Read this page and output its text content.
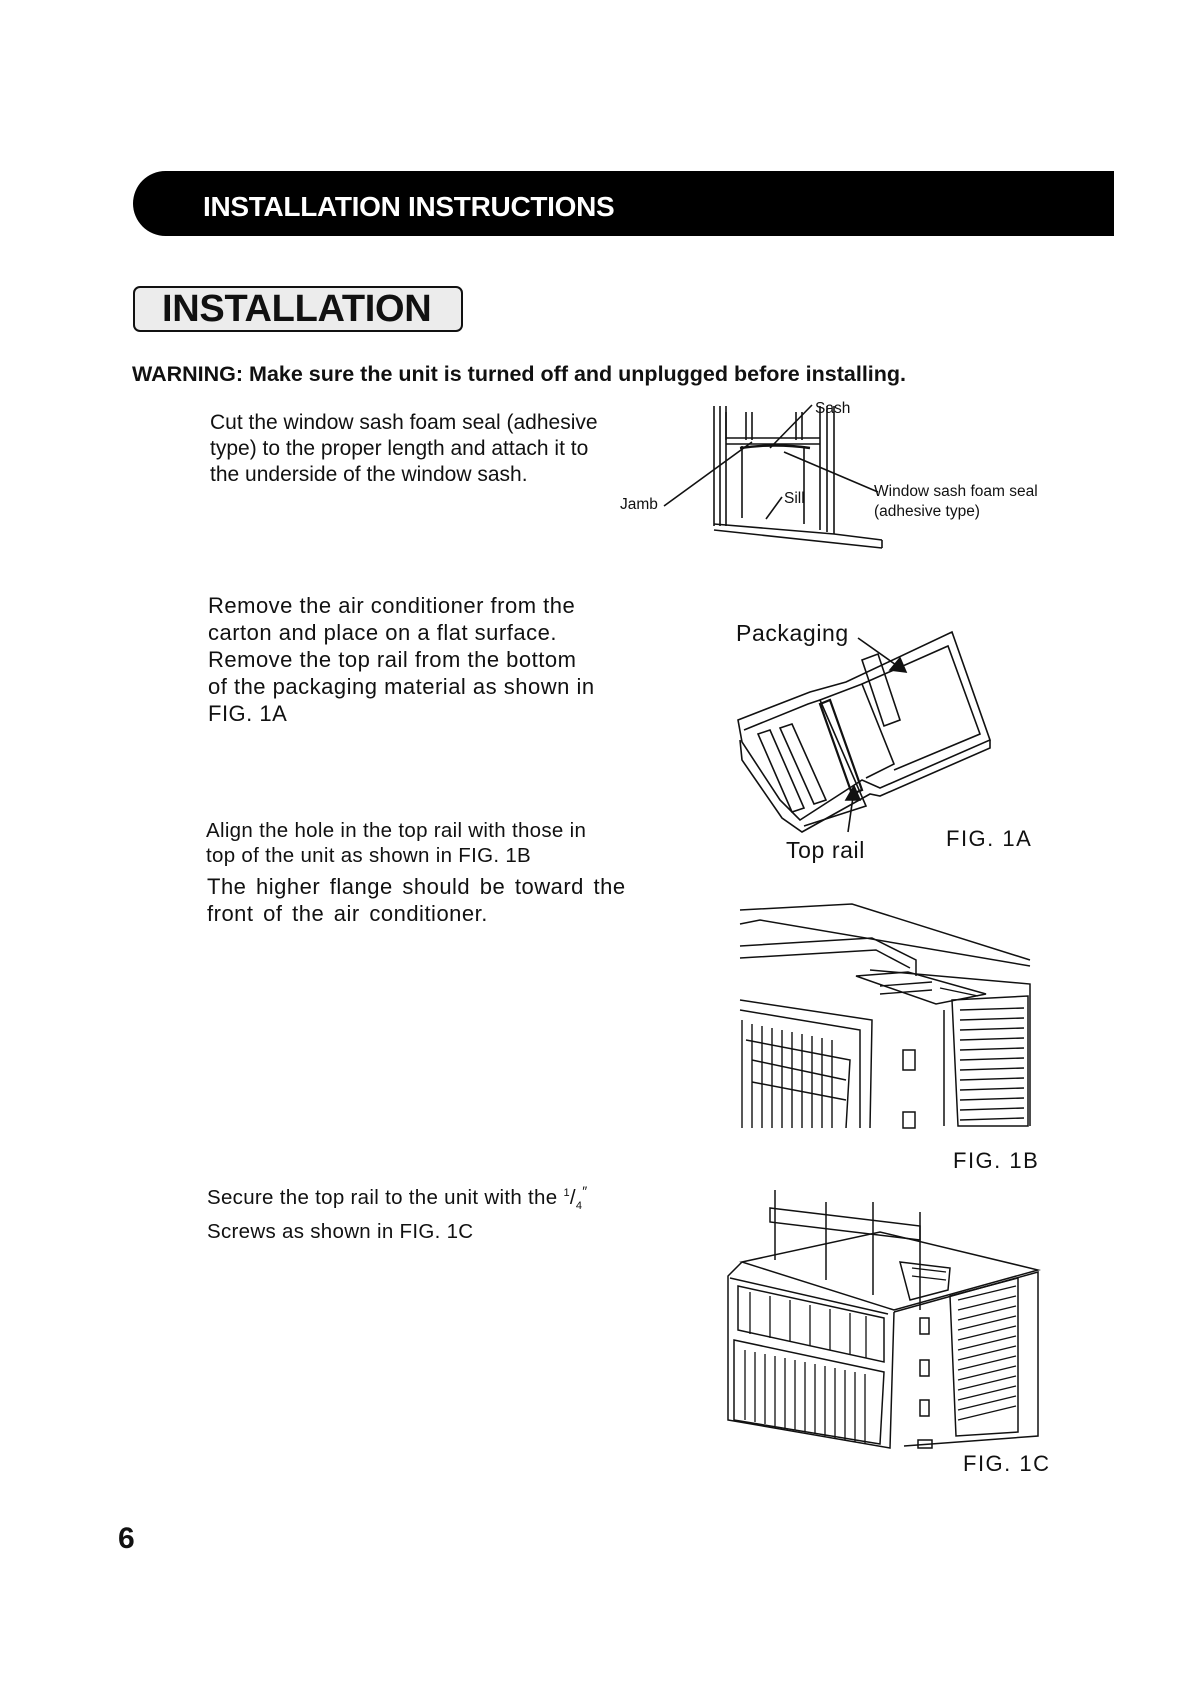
INSTALLATION INSTRUCTIONS
INSTALLATION
WARNING: Make sure the unit is turned off and unplugged before installing.
Cut the window sash foam seal (adhesive
type) to the proper length and attach it to
the underside of the window sash.
Sash
Jamb	Sill	Window sash foam seal
(adhesive type)
Remove the air conditioner from the
carton and place on a flat surface.
Remove the top rail from the bottom
of the packaging material as shown in
FIG. 1A
Packaging
Top rail	FIG. 1A
Align the hole in the top rail with those in
top of the unit as shown in FIG. 1B
The higher flange should be toward the
front of the air conditioner.
FIG. 1B
Secure the top rail to the unit with the $^1/_4''$
Screws as shown in FIG. 1C
FIG. 1C
6
